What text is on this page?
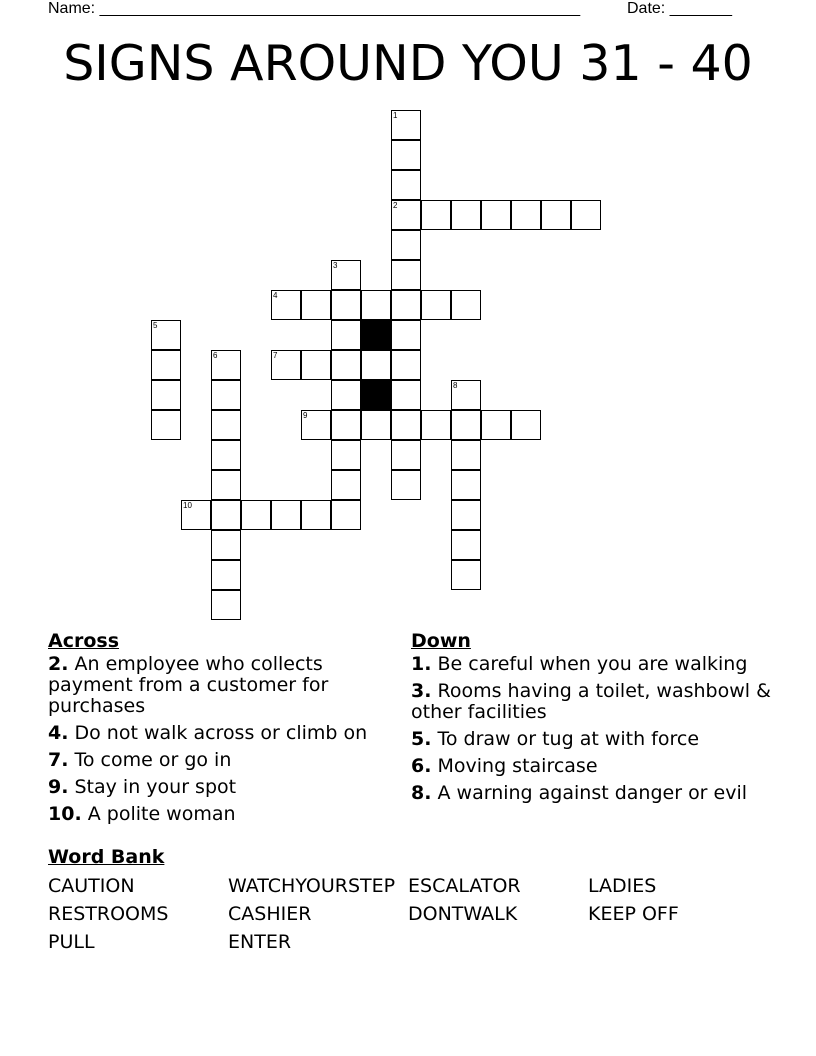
Name: ______________________________________________________	Date: _______
SIGNS AROUND YOU 31 - 40
2
4
7
9
10
1
3
5
6
8
Across
2. An employee who collects payment from a customer for purchases
4. Do not walk across or climb on
7. To come or go in
9. Stay in your spot
10. A polite woman
Down
1. Be careful when you are walking
3. Rooms having a toilet, washbowl & other facilities
5. To draw or tug at with force
6. Moving staircase
8. A warning against danger or evil
Word Bank
CAUTION	WATCHYOURSTEP ESCALATOR	LADIES
RESTROOMS	CASHIER	DONTWALK	KEEP OFF
PULL	ENTER
